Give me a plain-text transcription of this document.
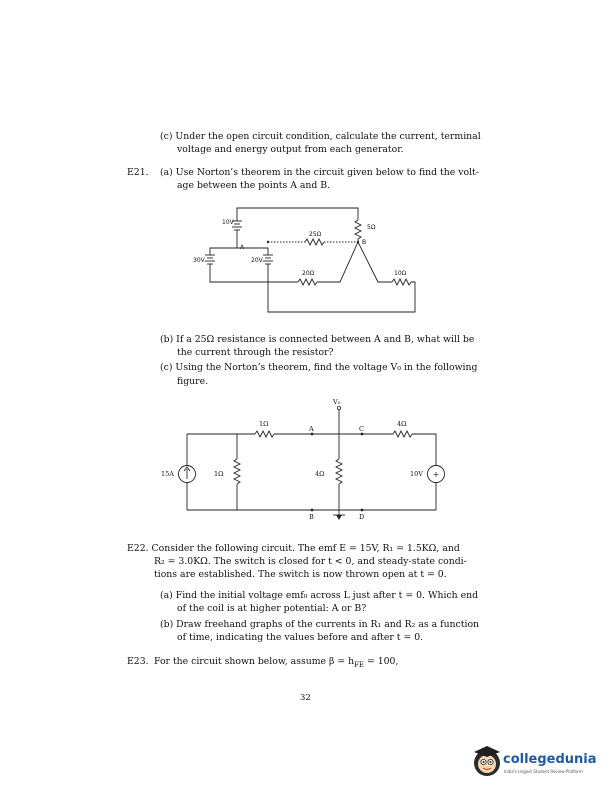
(c) Under the open circuit condition, calculate the current, terminal
voltage and energy output from each generator.
E21. (a) Use Norton’s theorem in the circuit given below to find the volt-
age between the points A and B.
10V
30V	20V
25Ω
5Ω
20Ω	10Ω
A
B
(b) If a 25Ω resistance is connected between A and B, what will be
the current through the resistor?
(c) Using the Norton’s theorem, find the voltage V₀ in the following
figure.
+
V₀
1Ω
A	C
4Ω
15A	1Ω	4Ω	10V
B	D
E22. Consider the following circuit. The emf E = 15V, R₁ = 1.5KΩ, and
R₂ = 3.0KΩ. The switch is closed for t < 0, and steady-state condi-
tions are established. The switch is now thrown open at t = 0.
(a) Find the initial voltage emf₀ across L just after t = 0. Which end
of the coil is at higher potential: A or B?
(b) Draw freehand graphs of the currents in R₁ and R₂ as a function
of time, indicating the values before and after t = 0.
E23. For the circuit shown below, assume $\beta = h_{FE} = 100$,
32
collegedunia
India's largest Student Review Platform
